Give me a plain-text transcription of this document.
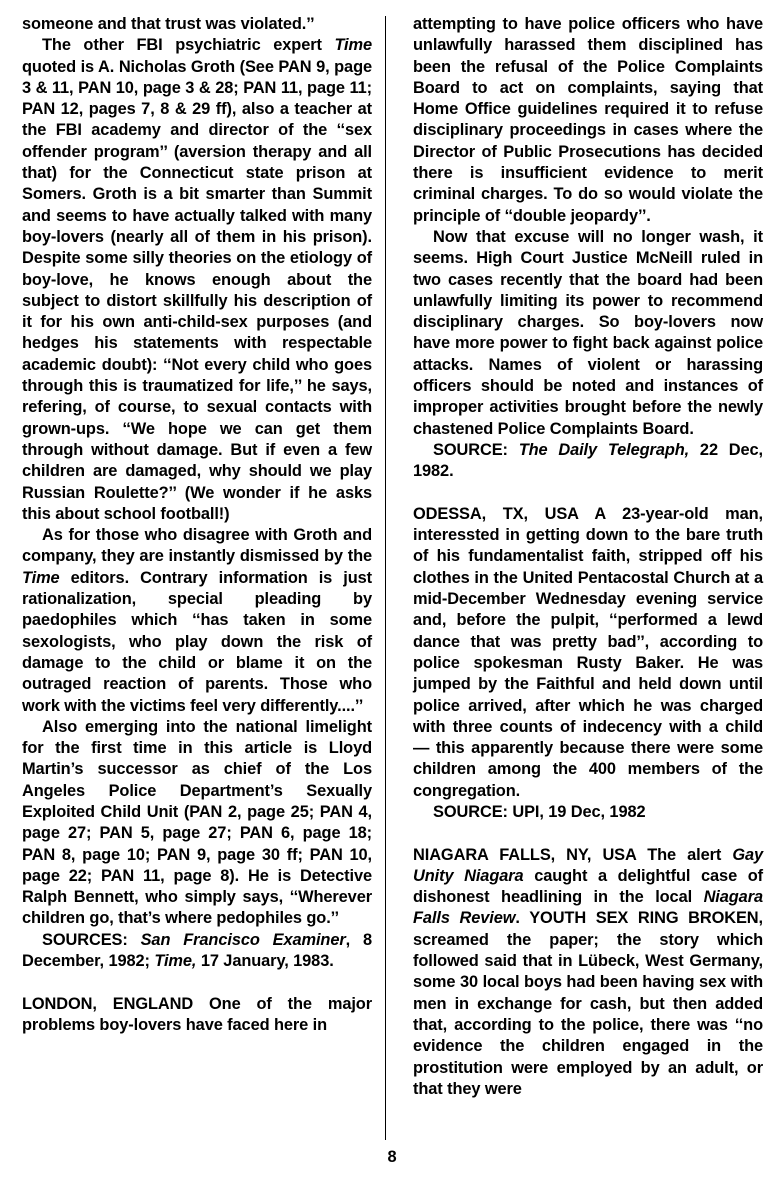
someone and that trust was violated.’’

The other FBI psychiatric expert Time quoted is A. Nicholas Groth (See PAN 9, page 3 & 11, PAN 10, page 3 & 28; PAN 11, page 11; PAN 12, pages 7, 8 & 29 ff), also a teacher at the FBI academy and director of the ‘‘sex offender program’’ (aversion therapy and all that) for the Connecticut state prison at Somers. Groth is a bit smarter than Summit and seems to have actually talked with many boy-lovers (nearly all of them in his prison). Despite some silly theories on the etiology of boy-love, he knows enough about the subject to distort skillfully his description of it for his own anti-child-sex purposes (and hedges his statements with respectable academic doubt): ‘‘Not every child who goes through this is traumatized for life,’’ he says, refering, of course, to sexual contacts with grown-ups. ‘‘We hope we can get them through without damage. But if even a few children are damaged, why should we play Russian Roulette?’’ (We wonder if he asks this about school football!)

As for those who disagree with Groth and company, they are instantly dismissed by the Time editors. Contrary information is just rationalization, special pleading by paedophiles which ‘‘has taken in some sexologists, who play down the risk of damage to the child or blame it on the outraged reaction of parents. Those who work with the victims feel very differently....’’

Also emerging into the national limelight for the first time in this article is Lloyd Martin’s successor as chief of the Los Angeles Police Department’s Sexually Exploited Child Unit (PAN 2, page 25; PAN 4, page 27; PAN 5, page 27; PAN 6, page 18; PAN 8, page 10; PAN 9, page 30 ff; PAN 10, page 22; PAN 11, page 8). He is Detective Ralph Bennett, who simply says, ‘‘Wherever children go, that’s where pedophiles go.’’

SOURCES: San Francisco Examiner, 8 December, 1982; Time, 17 January, 1983.

LONDON, ENGLAND One of the major problems boy-lovers have faced here in

attempting to have police officers who have unlawfully harassed them disciplined has been the refusal of the Police Complaints Board to act on complaints, saying that Home Office guidelines required it to refuse disciplinary proceedings in cases where the Director of Public Prosecutions has decided there is insufficient evidence to merit criminal charges. To do so would violate the principle of ‘‘double jeopardy’’.

Now that excuse will no longer wash, it seems. High Court Justice McNeill ruled in two cases recently that the board had been unlawfully limiting its power to recommend disciplinary charges. So boy-lovers now have more power to fight back against police attacks. Names of violent or harassing officers should be noted and instances of improper activities brought before the newly chastened Police Complaints Board.

SOURCE: The Daily Telegraph, 22 Dec, 1982.

ODESSA, TX, USA A 23-year-old man, interessted in getting down to the bare truth of his fundamentalist faith, stripped off his clothes in the United Pentacostal Church at a mid-December Wednesday evening service and, before the pulpit, ‘‘performed a lewd dance that was pretty bad’’, according to police spokesman Rusty Baker. He was jumped by the Faithful and held down until police arrived, after which he was charged with three counts of indecency with a child — this apparently because there were some children among the 400 members of the congregation.

SOURCE: UPI, 19 Dec, 1982

NIAGARA FALLS, NY, USA The alert Gay Unity Niagara caught a delightful case of dishonest headlining in the local Niagara Falls Review. YOUTH SEX RING BROKEN, screamed the paper; the story which followed said that in Lübeck, West Germany, some 30 local boys had been having sex with men in exchange for cash, but then added that, according to the police, there was ‘‘no evidence the children engaged in the prostitution were employed by an adult, or that they were

8
